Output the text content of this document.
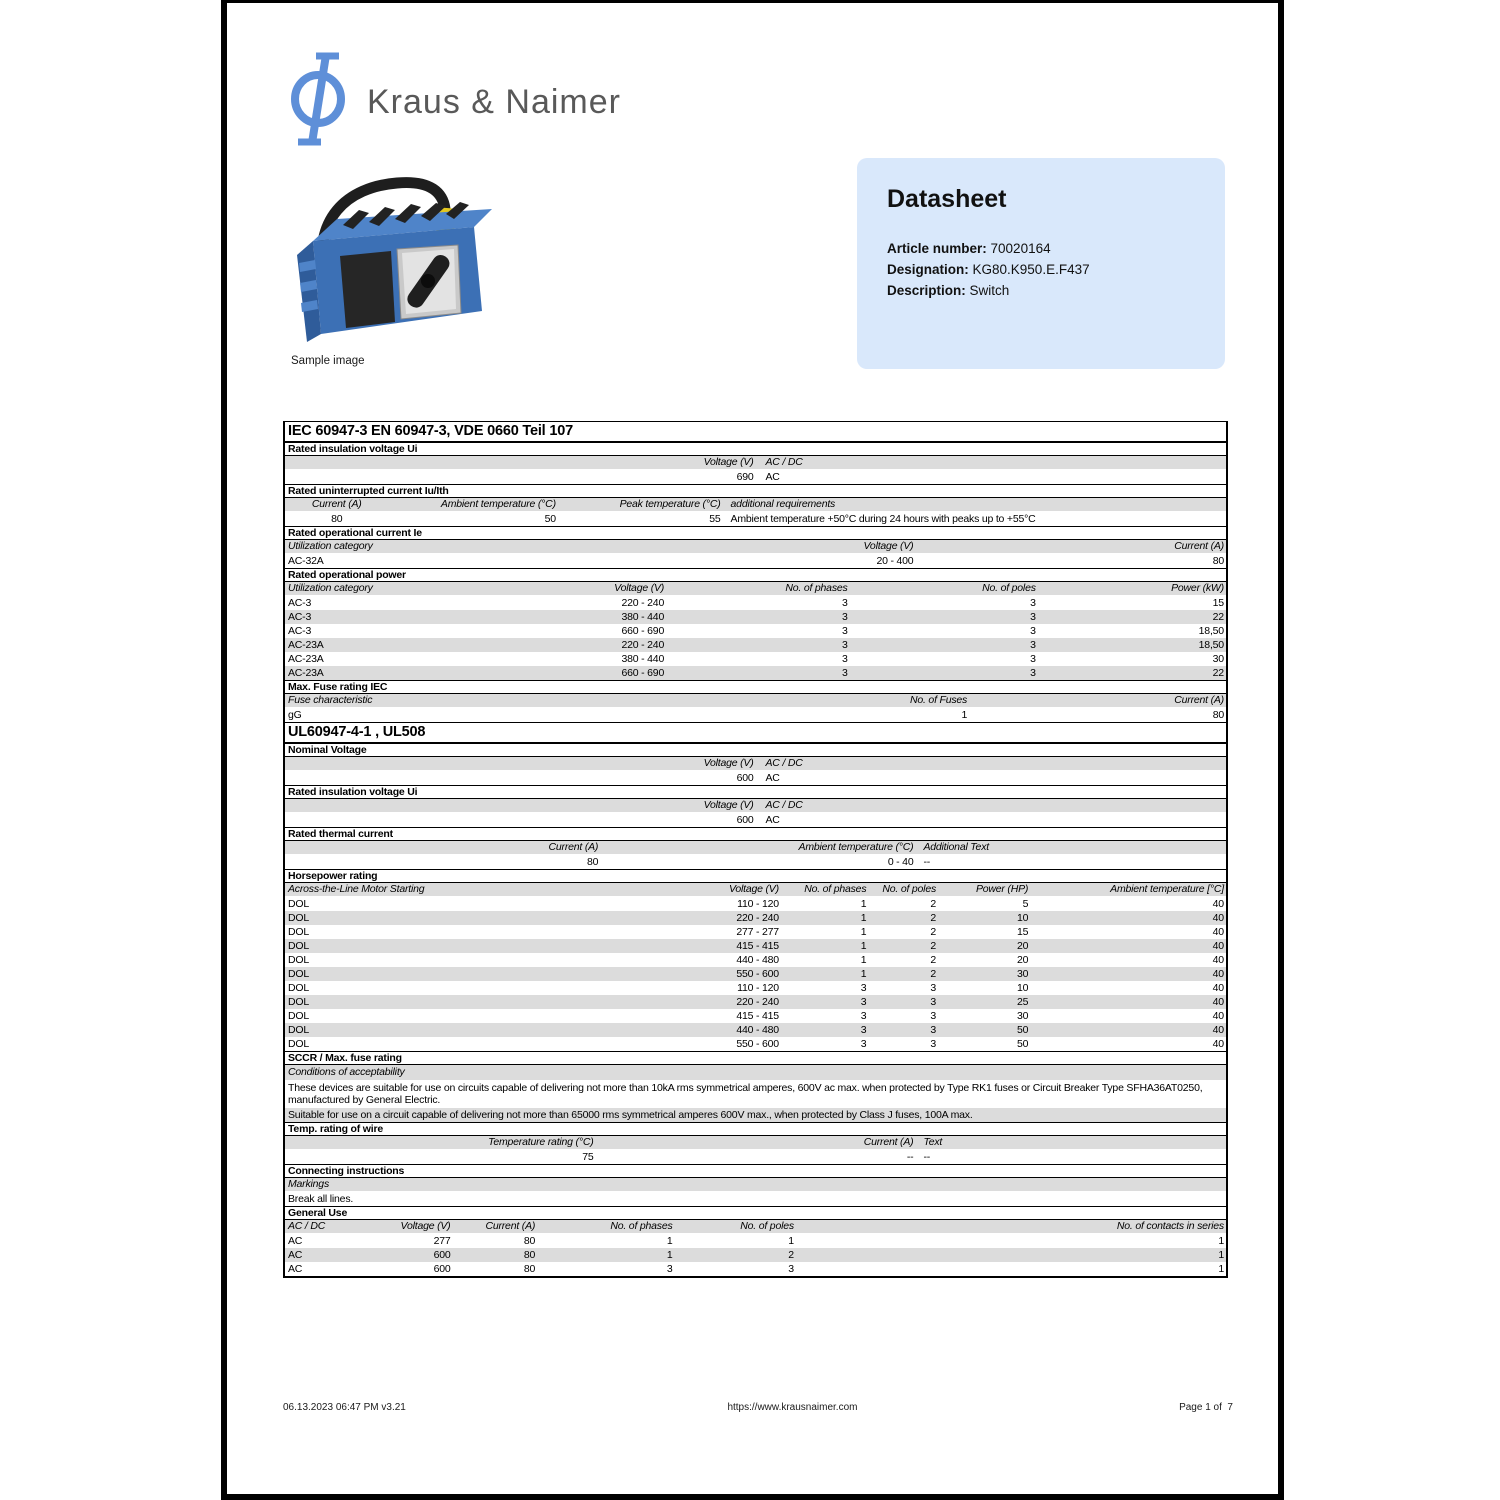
Kraus & Naimer
Sample image
Datasheet
Article number: 70020164
Designation: KG80.K950.E.F437
Description: Switch
IEC 60947-3 EN 60947-3, VDE 0660 Teil 107
Rated insulation voltage Ui
Voltage (V)	AC / DC
690	AC
Rated uninterrupted current Iu/Ith
Current (A)	Ambient temperature (°C)	Peak temperature (°C) additional requirements
80	50	55 Ambient temperature +50°C during 24 hours with peaks up to +55°C
Rated operational current Ie
Utilization category	Voltage (V)	Current (A)
AC-32A	20 - 400	80
Rated operational power
Utilization category	Voltage (V)	No. of phases	No. of poles	Power (kW)
AC-3	220 - 240	3	3	15
AC-3	380 - 440	3	3	22
AC-3	660 - 690	3	3	18,50
AC-23A	220 - 240	3	3	18,50
AC-23A	380 - 440	3	3	30
AC-23A	660 - 690	3	3	22
Max. Fuse rating IEC
Fuse characteristic	No. of Fuses	Current (A)
gG	1	80
UL60947-4-1 , UL508
Nominal Voltage
Voltage (V)	AC / DC
600	AC
Rated insulation voltage Ui
Voltage (V)	AC / DC
600	AC
Rated thermal current
Current (A)	Ambient temperature (°C) Additional Text
80	0 - 40 --
Horsepower rating
Across-the-Line Motor Starting	Voltage (V)	No. of phases	No. of poles	Power (HP)	Ambient temperature [°C]
DOL	110 - 120	1	2	5	40
DOL	220 - 240	1	2	10	40
DOL	277 - 277	1	2	15	40
DOL	415 - 415	1	2	20	40
DOL	440 - 480	1	2	20	40
DOL	550 - 600	1	2	30	40
DOL	110 - 120	3	3	10	40
DOL	220 - 240	3	3	25	40
DOL	415 - 415	3	3	30	40
DOL	440 - 480	3	3	50	40
DOL	550 - 600	3	3	50	40
SCCR / Max. fuse rating
Conditions of acceptability
These devices are suitable for use on circuits capable of delivering not more than 10kA rms symmetrical amperes, 600V ac max. when protected by Type RK1 fuses or Circuit Breaker Type SFHA36AT0250, manufactured by General Electric.
Suitable for use on a circuit capable of delivering not more than 65000 rms symmetrical amperes 600V max., when protected by Class J fuses, 100A max.
Temp. rating of wire
Temperature rating (°C)	Current (A) Text
75	-- --
Connecting instructions
Markings
Break all lines.
General Use
AC / DC	Voltage (V)	Current (A)	No. of phases	No. of poles	No. of contacts in series
AC	277	80	1	1	1
AC	600	80	1	2	1
AC	600	80	3	3	1
06.13.2023 06:47 PM v3.21	https://www.krausnaimer.com	Page 1 of  7
